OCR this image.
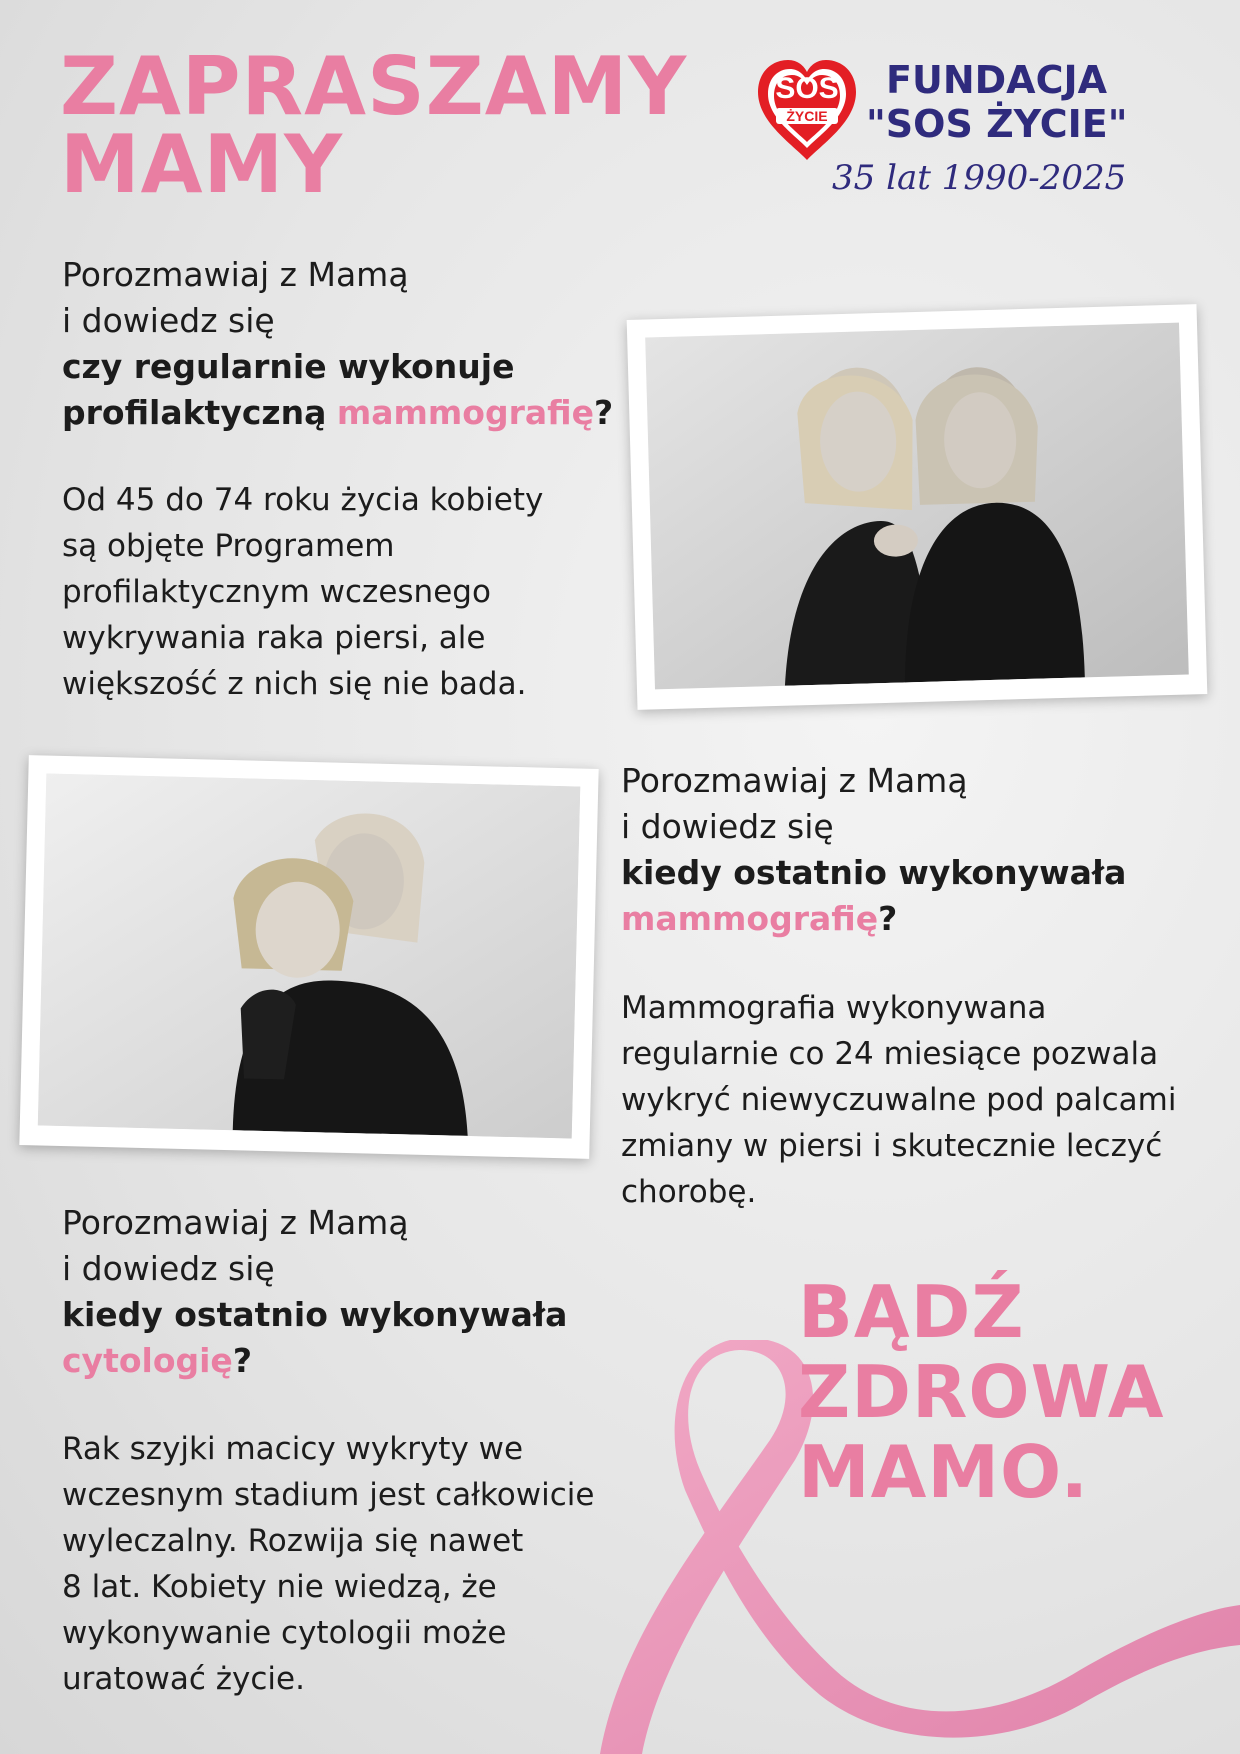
ZAPRASZAMY
MAMY
SOS
ŻYCIE
FUNDACJA
"SOS ŻYCIE"
35 lat 1990-2025
Porozmawiaj z Mamą
i dowiedz się
czy regularnie wykonuje
profilaktyczną mammografię?
Od 45 do 74 roku życia kobiety
są objęte Programem
profilaktycznym wczesnego
wykrywania raka piersi, ale
większość z nich się nie bada.
Porozmawiaj z Mamą
i dowiedz się
kiedy ostatnio wykonywała
mammografię?
Mammografia wykonywana
regularnie co 24 miesiące pozwala
wykryć niewyczuwalne pod palcami
zmiany w piersi i skutecznie leczyć
chorobę.
Porozmawiaj z Mamą
i dowiedz się
kiedy ostatnio wykonywała
cytologię?
Rak szyjki macicy wykryty we
wczesnym stadium jest całkowicie
wyleczalny. Rozwija się nawet
8 lat. Kobiety nie wiedzą, że
wykonywanie cytologii może
uratować życie.
BĄDŹ
ZDROWA
MAMO.
